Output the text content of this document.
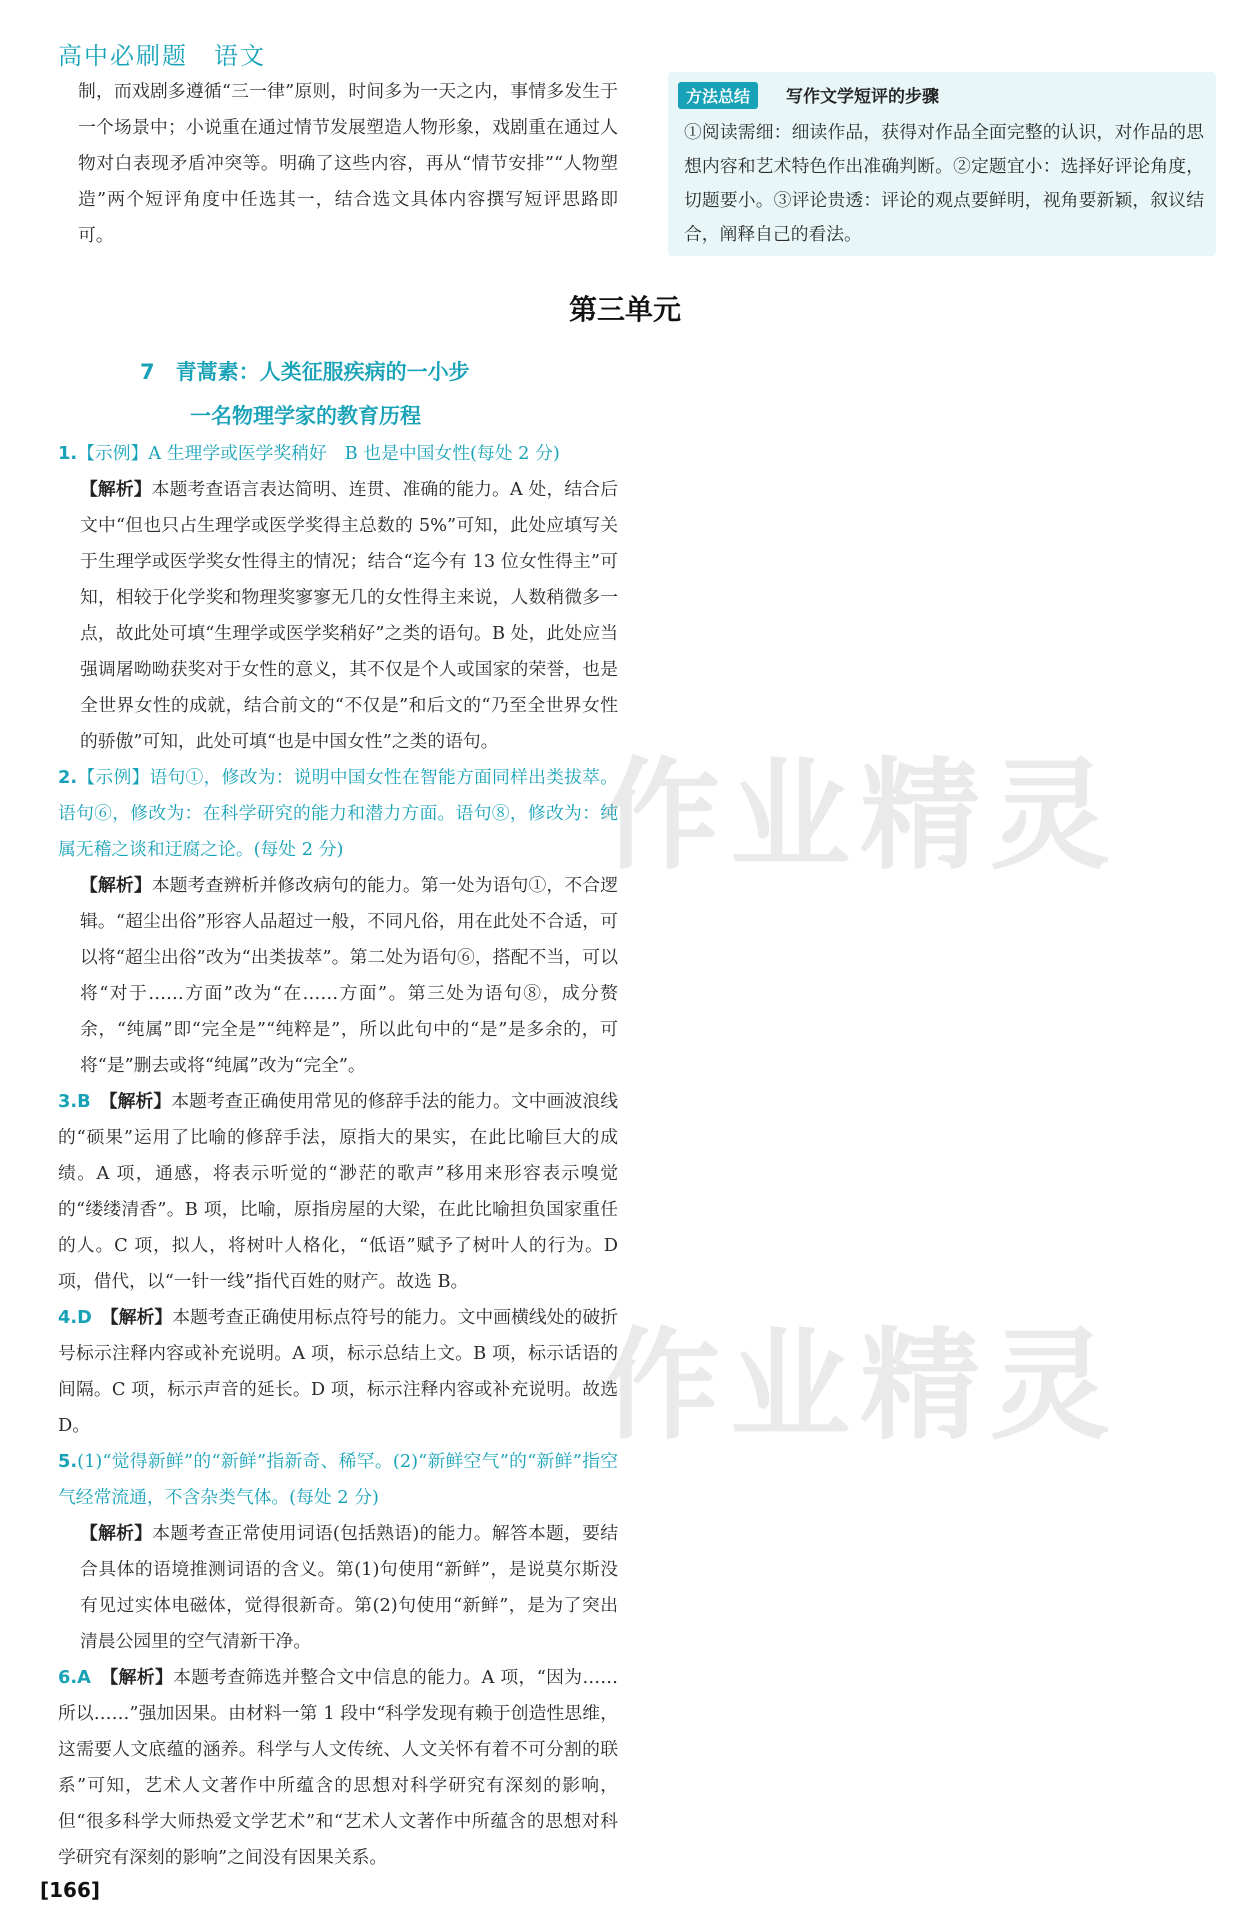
高中必刷题 语文

制，而戏剧多遵循“三一律”原则，时间多为一天之内，事情多发生于一个场景中；小说重在通过情节发展塑造人物形象，戏剧重在通过人物对白表现矛盾冲突等。明确了这些内容，再从“情节安排”“人物塑造”两个短评角度中任选其一，结合选文具体内容撰写短评思路即可。

方法总结	写作文学短评的步骤
①阅读需细：细读作品，获得对作品全面完整的认识，对作品的思想内容和艺术特色作出准确判断。②定题宜小：选择好评论角度，切题要小。③评论贵透：评论的观点要鲜明，视角要新颖，叙议结合，阐释自己的看法。
第三单元
7　青蒿素：人类征服疾病的一小步
一名物理学家的教育历程

1.【示例】A 生理学或医学奖稍好　B 也是中国女性(每处 2 分)

【解析】本题考查语言表达简明、连贯、准确的能力。A 处，结合后文中“但也只占生理学或医学奖得主总数的 5%”可知，此处应填写关于生理学或医学奖女性得主的情况；结合“迄今有 13 位女性得主”可知，相较于化学奖和物理奖寥寥无几的女性得主来说，人数稍微多一点，故此处可填“生理学或医学奖稍好”之类的语句。B 处，此处应当强调屠呦呦获奖对于女性的意义，其不仅是个人或国家的荣誉，也是全世界女性的成就，结合前文的“不仅是”和后文的“乃至全世界女性的骄傲”可知，此处可填“也是中国女性”之类的语句。

2.【示例】语句①，修改为：说明中国女性在智能方面同样出类拔萃。语句⑥，修改为：在科学研究的能力和潜力方面。语句⑧，修改为：纯属无稽之谈和迂腐之论。(每处 2 分)

【解析】本题考查辨析并修改病句的能力。第一处为语句①，不合逻辑。“超尘出俗”形容人品超过一般，不同凡俗，用在此处不合适，可以将“超尘出俗”改为“出类拔萃”。第二处为语句⑥，搭配不当，可以将“对于……方面”改为“在……方面”。第三处为语句⑧，成分赘余，“纯属”即“完全是”“纯粹是”，所以此句中的“是”是多余的，可将“是”删去或将“纯属”改为“完全”。

3.B　 【解析】本题考查正确使用常见的修辞手法的能力。文中画波浪线的“硕果”运用了比喻的修辞手法，原指大的果实，在此比喻巨大的成绩。A 项，通感，将表示听觉的“渺茫的歌声”移用来形容表示嗅觉的“缕缕清香”。B 项，比喻，原指房屋的大梁，在此比喻担负国家重任的人。C 项，拟人，将树叶人格化，“低语”赋予了树叶人的行为。D 项，借代，以“一针一线”指代百姓的财产。故选 B。

4.D　 【解析】本题考查正确使用标点符号的能力。文中画横线处的破折号标示注释内容或补充说明。A 项，标示总结上文。B 项，标示话语的间隔。C 项，标示声音的延长。D 项，标示注释内容或补充说明。故选 D。

5.(1)“觉得新鲜”的“新鲜”指新奇、稀罕。(2)“新鲜空气”的“新鲜”指空气经常流通，不含杂类气体。(每处 2 分)

【解析】本题考查正常使用词语(包括熟语)的能力。解答本题，要结合具体的语境推测词语的含义。第(1)句使用“新鲜”，是说莫尔斯没有见过实体电磁体，觉得很新奇。第(2)句使用“新鲜”，是为了突出清晨公园里的空气清新干净。

6.A　 【解析】本题考查筛选并整合文中信息的能力。A 项，“因为……所以……”强加因果。由材料一第 1 段中“科学发现有赖于创造性思维，这需要人文底蕴的涵养。科学与人文传统、人文关怀有着不可分割的联系”可知，艺术人文著作中所蕴含的思想对科学研究有深刻的影响，但“很多科学大师热爱文学艺术”和“艺术人文著作中所蕴含的思想对科学研究有深刻的影响”之间没有因果关系。

[166]
作业精灵
作业精灵
